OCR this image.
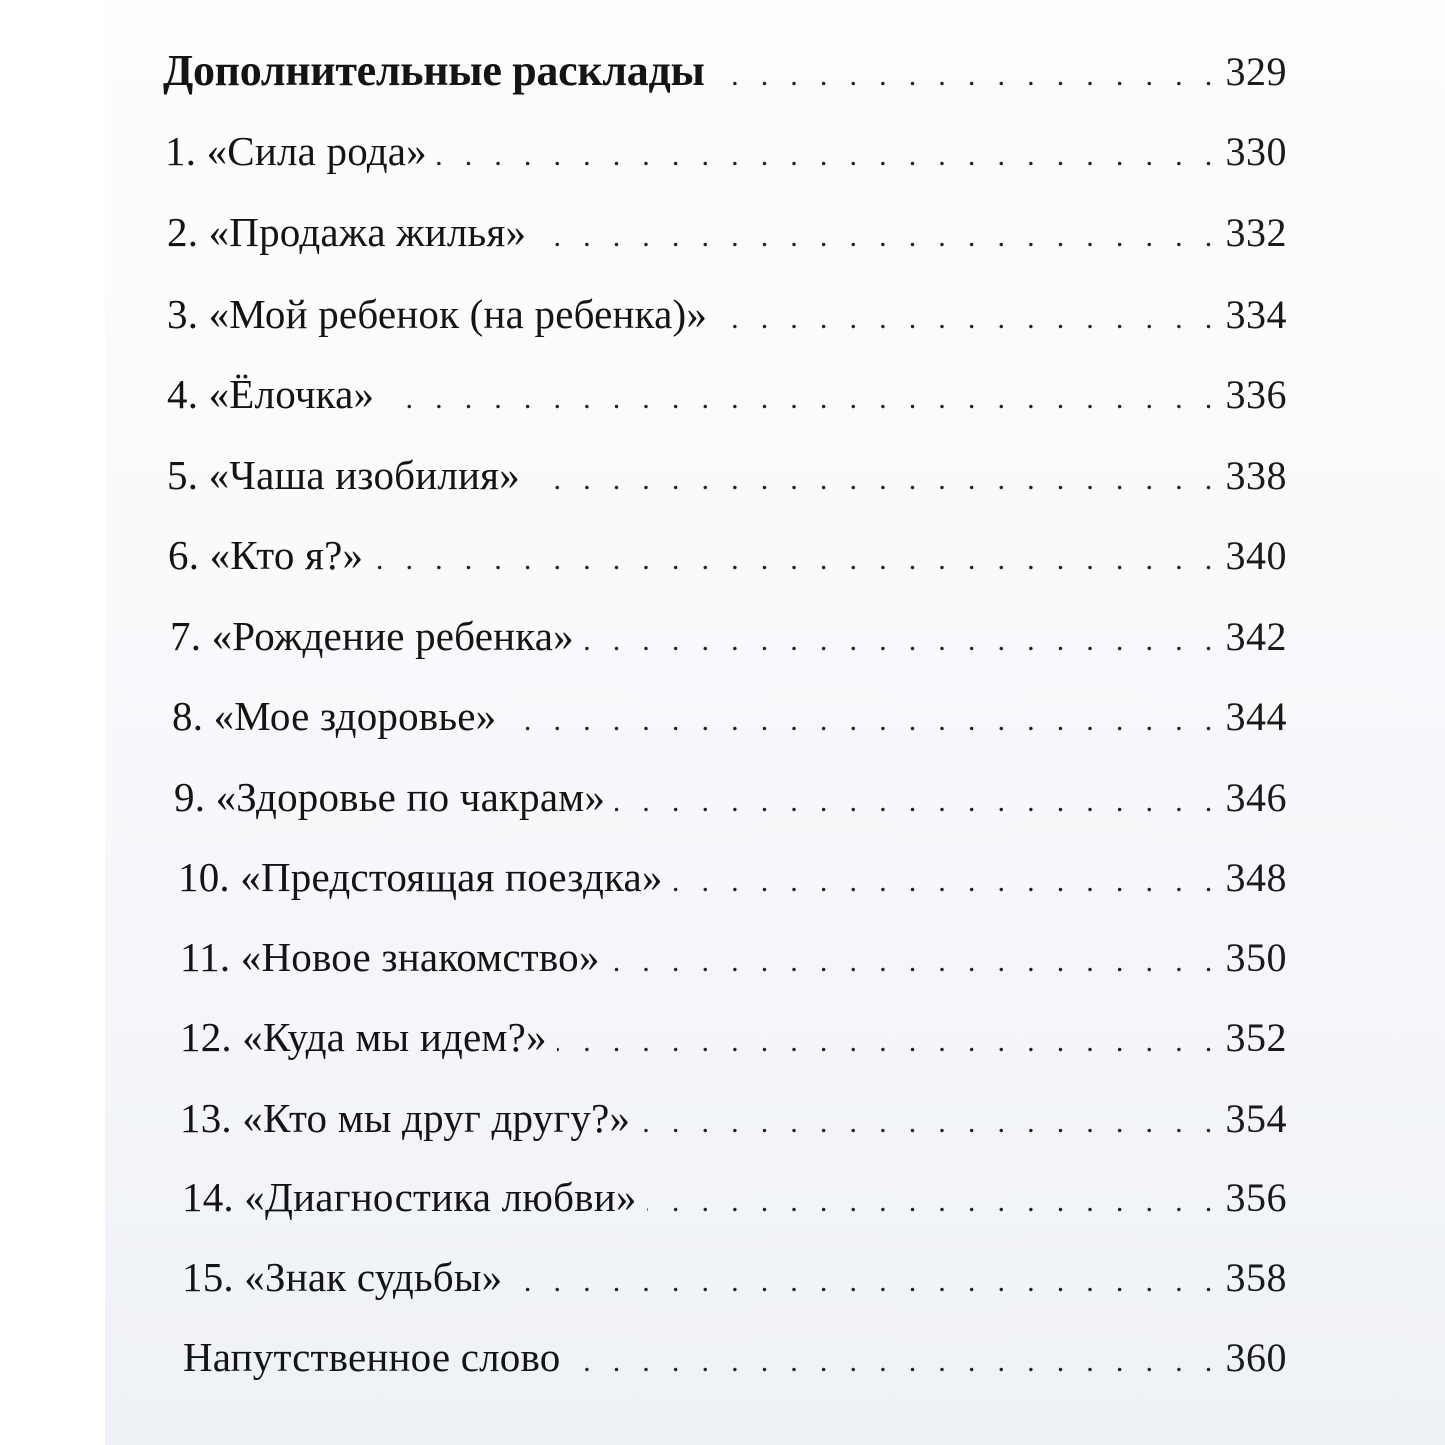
Дополнительные расклады . . .	329
1. «Сила рода» . . .	330
2. «Продажа жилья» . . .	332
3. «Мой ребенок (на ребенка)» . . .	334
4. «Ёлочка» . . .	336
5. «Чаша изобилия» . . .	338
6. «Кто я?» . . .	340
7. «Рождение ребенка» . . .	342
8. «Мое здоровье» . . .	344
9. «Здоровье по чакрам» . . .	346
10. «Предстоящая поездка» . . .	348
11. «Новое знакомство» . . .	350
12. «Куда мы идем?» . . .	352
13. «Кто мы друг другу?» . . .	354
14. «Диагностика любви» . . .	356
15. «Знак судьбы» . . .	358
Напутственное слово . . .	360
